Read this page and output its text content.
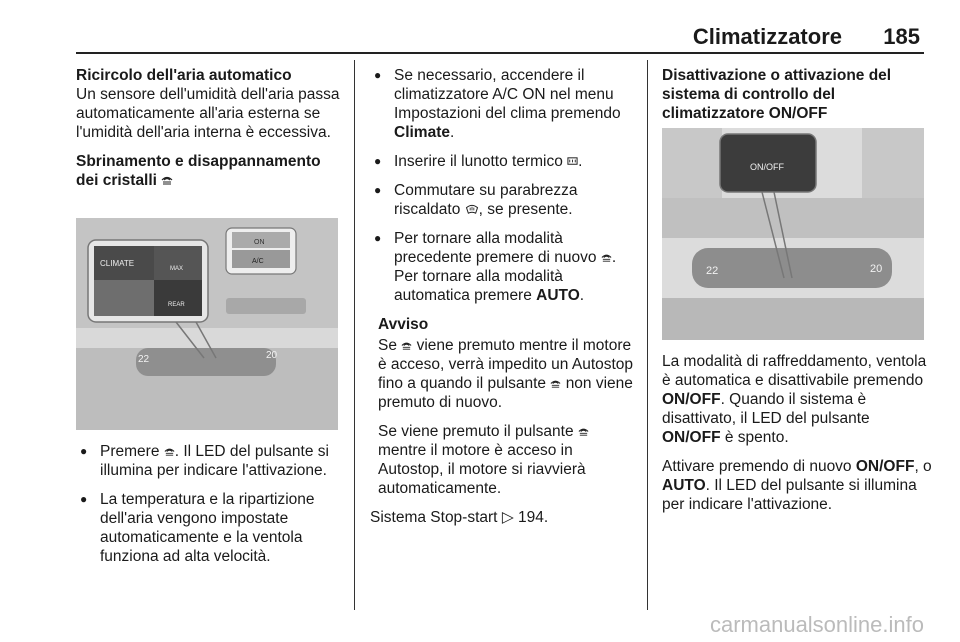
Climatizzatore 185
Ricircolo dell'aria automatico

Un sensore dell'umidità dell'aria passa automaticamente all'aria esterna se l'umidità dell'aria interna è eccessiva.

Sbrinamento e disappannamento dei cristalli
22	20
CLIMATE
MAX
REAR
ON
A/C
● Premere . Il LED del pulsante si illumina per indicare l'attivazione.
● La temperatura e la ripartizione dell'aria vengono impostate automaticamente e la ventola funziona ad alta velocità.
● Se necessario, accendere il climatizzatore A/C ON nel menu Impostazioni del clima premendo Climate.
● Inserire il lunotto termico .
● Commutare su parabrezza riscaldato , se presente.
● Per tornare alla modalità precedente premere di nuovo . Per tornare alla modalità automatica premere AUTO.
Avviso

Se viene premuto mentre il motore è acceso, verrà impedito un Autostop fino a quando il pulsante non viene premuto di nuovo.

Se viene premuto il pulsante  mentre il motore è acceso in Autostop, il motore si riavvierà automaticamente.

Sistema Stop-start ▷ 194.

Disattivazione o attivazione del sistema di controllo del climatizzatore ON/OFF
22	20
ON/OFF

La modalità di raffreddamento, ventola è automatica e disattivabile premendo ON/OFF. Quando il sistema è disattivato, il LED del pulsante ON/OFF è spento.

Attivare premendo di nuovo ON/OFF, o AUTO. Il LED del pulsante si illumina per indicare l'attivazione.

carmanualsonline.info
